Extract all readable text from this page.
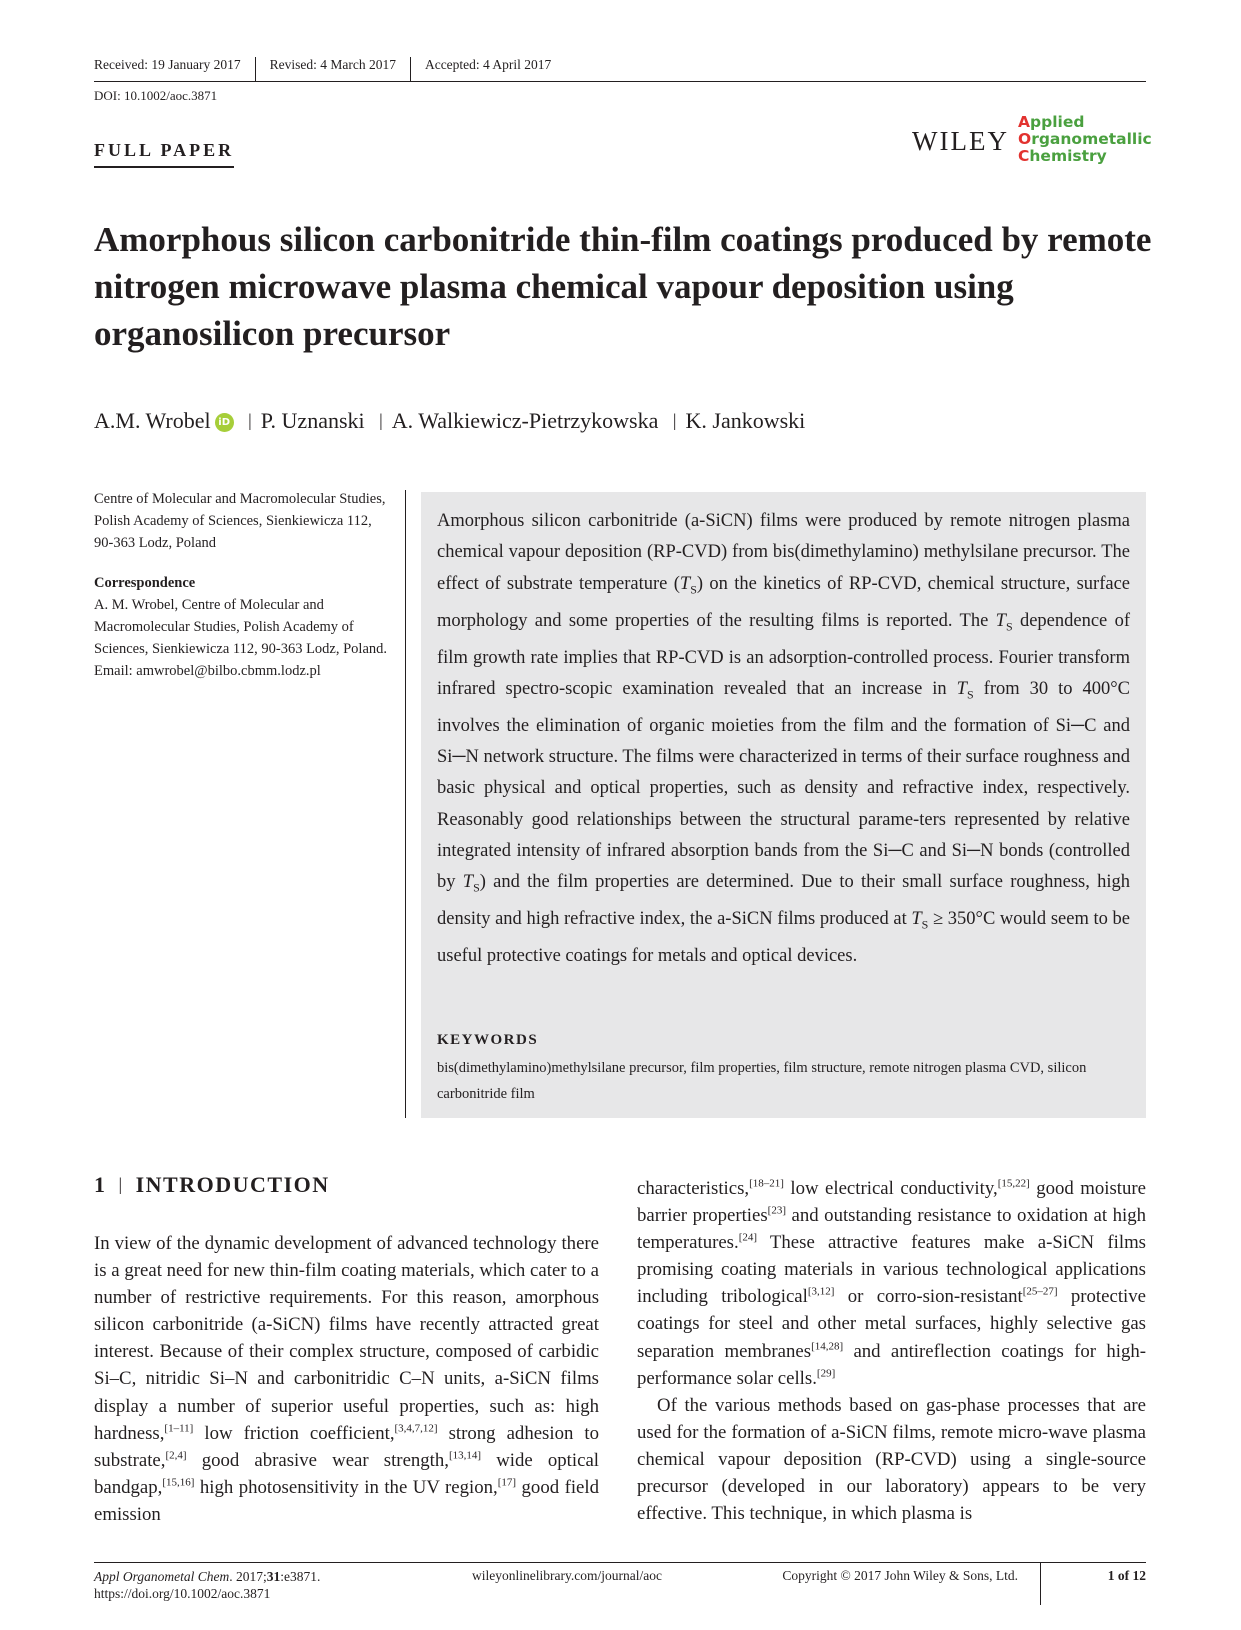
Received: 19 January 2017 Revised: 4 March 2017 Accepted: 4 April 2017
DOI: 10.1002/aoc.3871
FULL PAPER	WILEY
Applied
Organometallic
Chemistry
Amorphous silicon carbonitride thin-film coatings produced by remote nitrogen microwave plasma chemical vapour deposition using organosilicon precursor
A.M. Wrobel iD | P. Uznanski | A. Walkiewicz-Pietrzykowska | K. Jankowski

Centre of Molecular and Macromolecular Studies, Polish Academy of Sciences, Sienkiewicza 112, 90-363 Lodz, Poland

Correspondence

A. M. Wrobel, Centre of Molecular and Macromolecular Studies, Polish Academy of Sciences, Sienkiewicza 112, 90-363 Lodz, Poland.

Email: amwrobel@bilbo.cbmm.lodz.pl

Amorphous silicon carbonitride (a-SiCN) films were produced by remote nitrogen plasma chemical vapour deposition (RP-CVD) from bis(dimethylamino) methylsilane precursor. The effect of substrate temperature $(T_S)$ on the kinetics of RP-CVD, chemical structure, surface morphology and some properties of the resulting films is reported. The $T_S$ dependence of film growth rate implies that RP-CVD is an adsorption-controlled process. Fourier transform infrared spectro-scopic examination revealed that an increase in $T_S$ from 30 to 400°C involves the elimination of organic moieties from the film and the formation of Si─C and Si─N network structure. The films were characterized in terms of their surface roughness and basic physical and optical properties, such as density and refractive index, respectively. Reasonably good relationships between the structural parame-ters represented by relative integrated intensity of infrared absorption bands from the Si─C and Si─N bonds (controlled by $T_S$) and the film properties are determined. Due to their small surface roughness, high density and high refractive index, the a-SiCN films produced at $T_S \ge 350^\circ C$ would seem to be useful protective coatings for metals and optical devices.

KEYWORDS

bis(dimethylamino)methylsilane precursor, film properties, film structure, remote nitrogen plasma CVD, silicon carbonitride film

1 | INTRODUCTION

In view of the dynamic development of advanced technology there is a great need for new thin-film coating materials, which cater to a number of restrictive requirements. For this reason, amorphous silicon carbonitride (a-SiCN) films have recently attracted great interest. Because of their complex structure, composed of carbidic Si–C, nitridic Si–N and carbonitridic C–N units, a-SiCN films display a number of superior useful properties, such as: high hardness,[1–11] low friction coefficient,[3,4,7,12] strong adhesion to substrate,[2,4] good abrasive wear strength,[13,14] wide optical bandgap,[15,16] high photosensitivity in the UV region,[17] good field emission

characteristics,[18–21] low electrical conductivity,[15,22] good moisture barrier properties[23] and outstanding resistance to oxidation at high temperatures.[24] These attractive features make a-SiCN films promising coating materials in various technological applications including tribological[3,12] or corro-sion-resistant[25–27] protective coatings for steel and other metal surfaces, highly selective gas separation membranes[14,28] and antireflection coatings for high-performance solar cells.[29]

Of the various methods based on gas-phase processes that are used for the formation of a-SiCN films, remote micro-wave plasma chemical vapour deposition (RP-CVD) using a single-source precursor (developed in our laboratory) appears to be very effective. This technique, in which plasma is

Appl Organometal Chem. 2017;31:e3871.
https://doi.org/10.1002/aoc.3871
wileyonlinelibrary.com/journal/aoc	Copyright © 2017 John Wiley & Sons, Ltd.	1 of 12
